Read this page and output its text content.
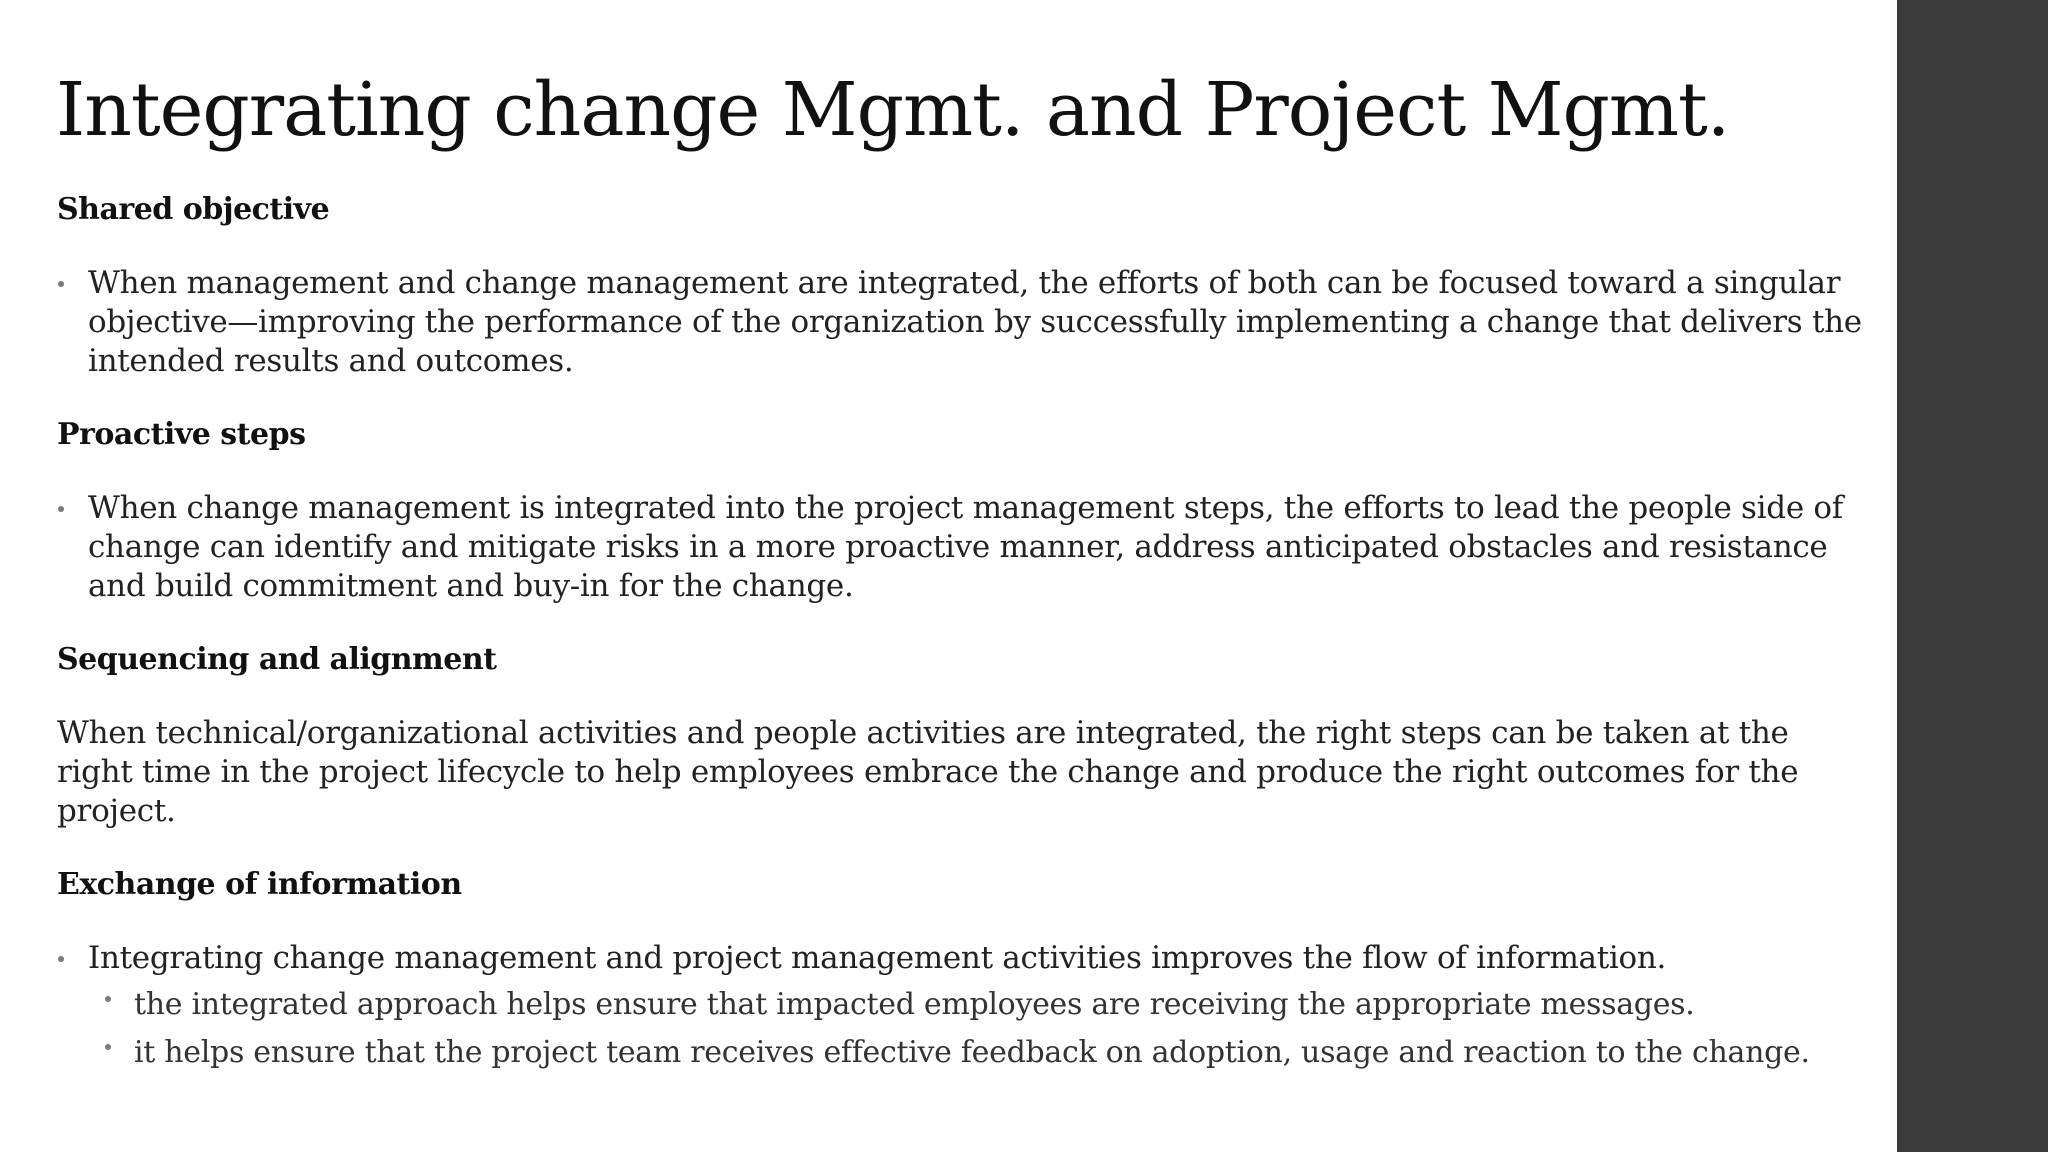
Integrating change Mgmt. and Project Mgmt.
Shared objective
When management and change management are integrated, the efforts of both can be focused toward a singular objective—improving the performance of the organization by successfully implementing a change that delivers the intended results and outcomes.
Proactive steps
When change management is integrated into the project management steps, the efforts to lead the people side of change can identify and mitigate risks in a more proactive manner, address anticipated obstacles and resistance and build commitment and buy-in for the change.
Sequencing and alignment
When technical/organizational activities and people activities are integrated, the right steps can be taken at the right time in the project lifecycle to help employees embrace the change and produce the right outcomes for the project.
Exchange of information
Integrating change management and project management activities improves the flow of information.
the integrated approach helps ensure that impacted employees are receiving the appropriate messages.
it helps ensure that the project team receives effective feedback on adoption, usage and reaction to the change.
